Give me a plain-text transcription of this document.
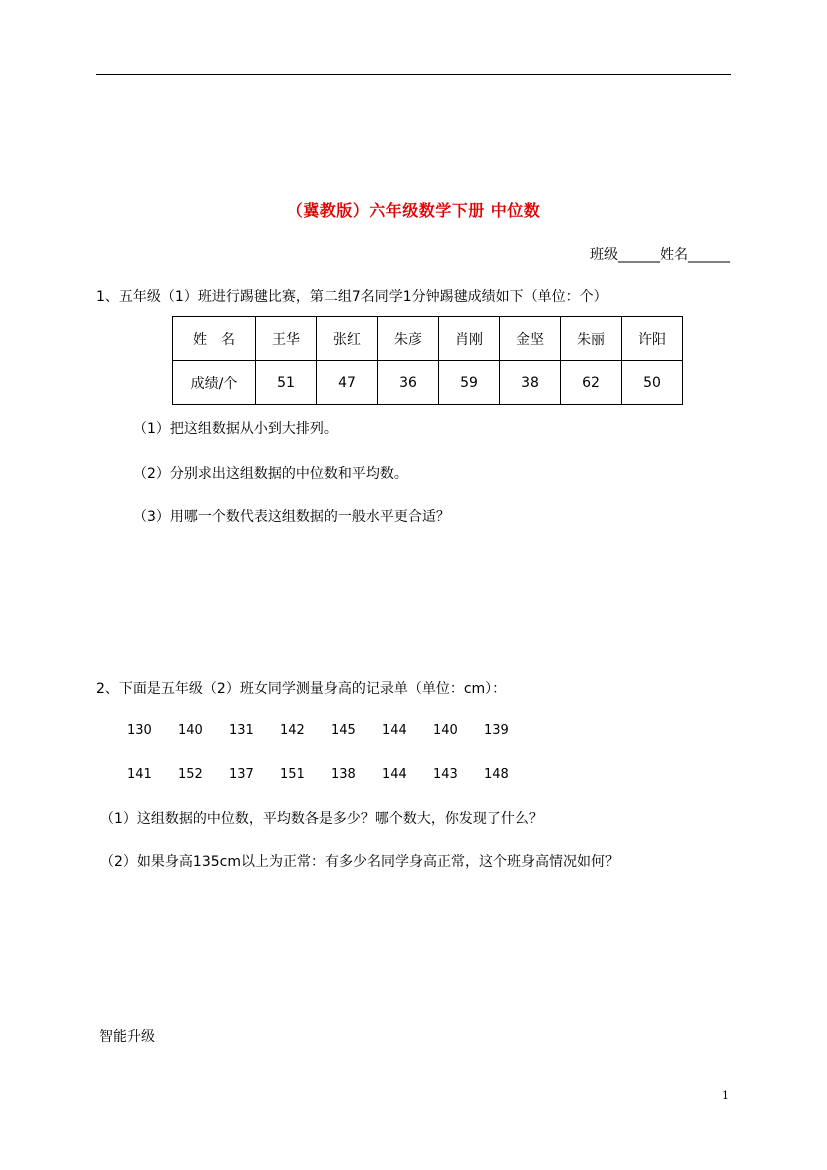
（冀教版）六年级数学下册 中位数
班级______姓名______
1、五年级（1）班进行踢毽比赛，第二组7名同学1分钟踢毽成绩如下（单位：个）
姓　名	王华	张红	朱彦	肖刚	金坚	朱丽	许阳
成绩/个	51	47	36	59	38	62	50
（1）把这组数据从小到大排列。
（2）分别求出这组数据的中位数和平均数。
（3）用哪一个数代表这组数据的一般水平更合适？
2、下面是五年级（2）班女同学测量身高的记录单（单位：cm）：
130	140	131	142	145	144	140	139
141	152	137	151	138	144	143	148
（1）这组数据的中位数，平均数各是多少？哪个数大，你发现了什么？
（2）如果身高135cm以上为正常：有多少名同学身高正常，这个班身高情况如何？
智能升级
1
